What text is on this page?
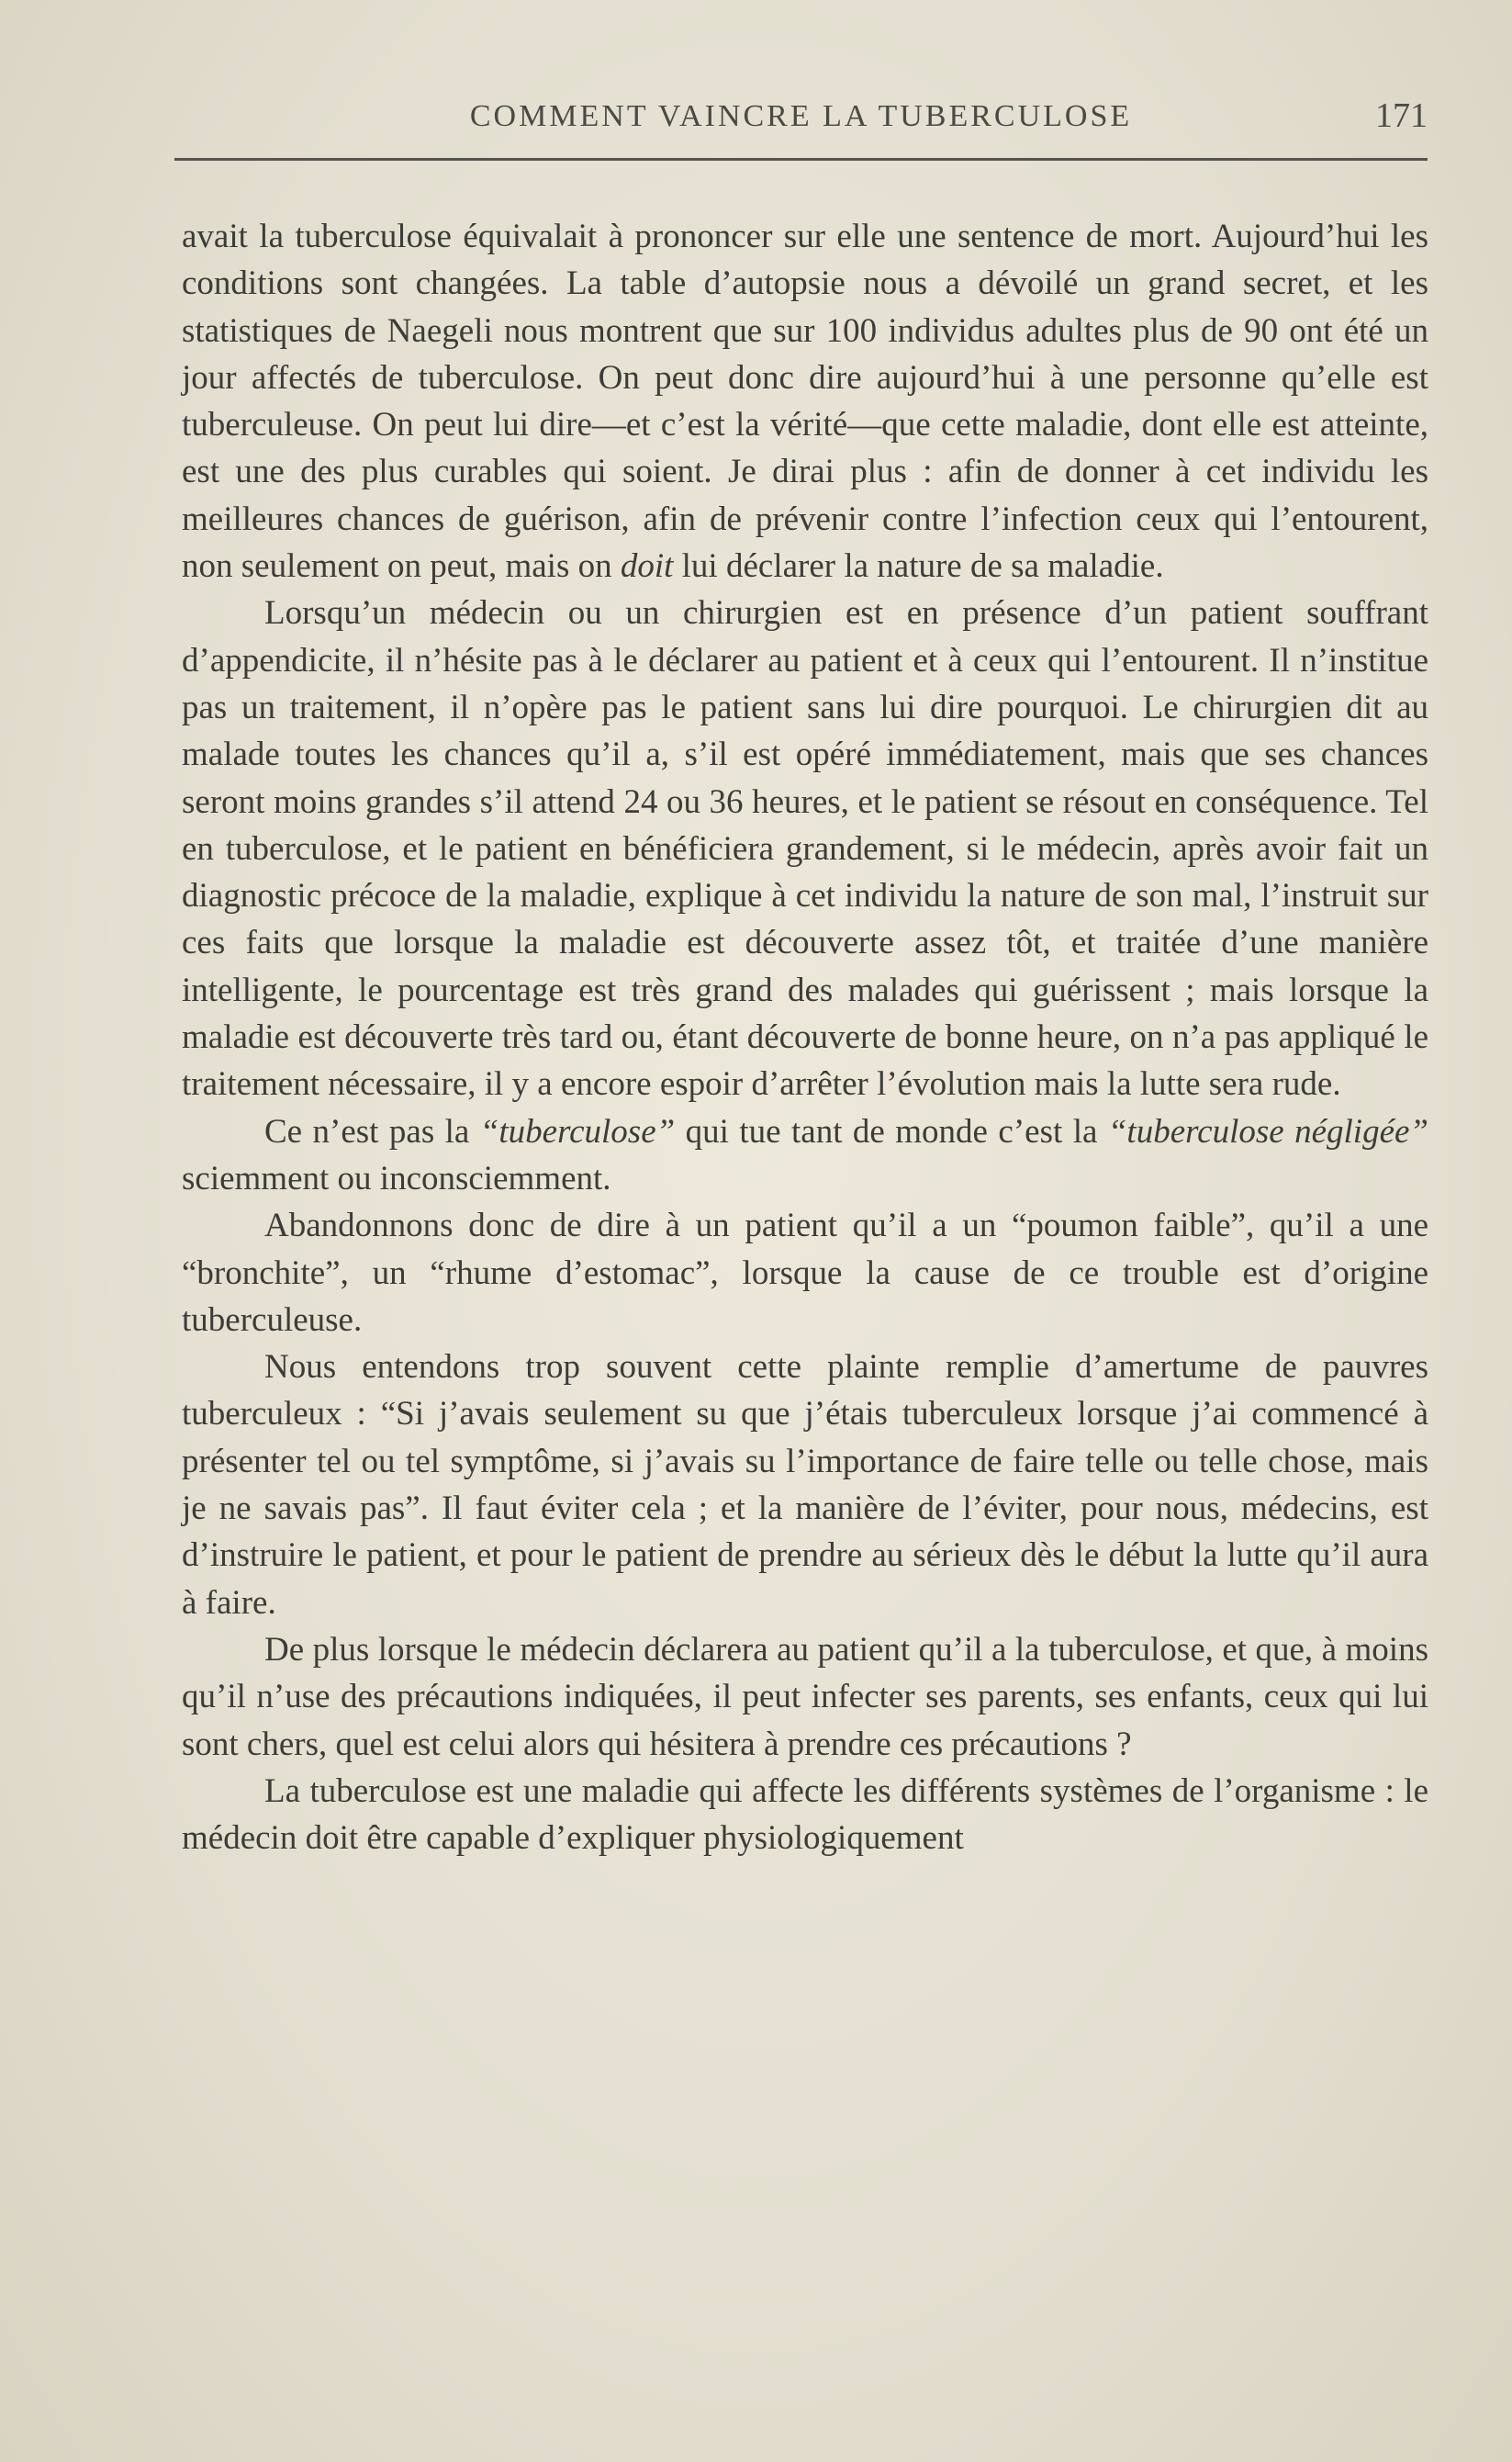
COMMENT VAINCRE LA TUBERCULOSE	171

avait la tuberculose équivalait à prononcer sur elle une sentence de mort. Aujourd’hui les conditions sont changées. La table d’autopsie nous a dévoilé un grand secret, et les statistiques de Naegeli nous montrent que sur 100 individus adultes plus de 90 ont été un jour affectés de tuberculose. On peut donc dire aujourd’hui à une personne qu’elle est tuberculeuse. On peut lui dire—et c’est la vérité—que cette maladie, dont elle est atteinte, est une des plus curables qui soient. Je dirai plus : afin de donner à cet individu les meilleures chances de guérison, afin de prévenir contre l’infection ceux qui l’entourent, non seulement on peut, mais on doit lui déclarer la nature de sa maladie.

Lorsqu’un médecin ou un chirurgien est en présence d’un patient souffrant d’appendicite, il n’hésite pas à le déclarer au patient et à ceux qui l’entourent. Il n’institue pas un traitement, il n’opère pas le patient sans lui dire pourquoi. Le chirurgien dit au malade toutes les chances qu’il a, s’il est opéré immédiatement, mais que ses chances seront moins grandes s’il attend 24 ou 36 heures, et le patient se résout en conséquence. Tel en tuberculose, et le patient en bénéficiera grandement, si le médecin, après avoir fait un diagnostic précoce de la maladie, explique à cet individu la nature de son mal, l’instruit sur ces faits que lorsque la maladie est découverte assez tôt, et traitée d’une manière intelligente, le pourcentage est très grand des malades qui guérissent ; mais lorsque la maladie est découverte très tard ou, étant découverte de bonne heure, on n’a pas appliqué le traitement nécessaire, il y a encore espoir d’arrêter l’évolution mais la lutte sera rude.

Ce n’est pas la “tuberculose” qui tue tant de monde c’est la “tuberculose négligée” sciemment ou inconsciemment.

Abandonnons donc de dire à un patient qu’il a un “poumon faible”, qu’il a une “bronchite”, un “rhume d’estomac”, lorsque la cause de ce trouble est d’origine tuberculeuse.

Nous entendons trop souvent cette plainte remplie d’amertume de pauvres tuberculeux : “Si j’avais seulement su que j’étais tuberculeux lorsque j’ai commencé à présenter tel ou tel symptôme, si j’avais su l’importance de faire telle ou telle chose, mais je ne savais pas”. Il faut éviter cela ; et la manière de l’éviter, pour nous, médecins, est d’instruire le patient, et pour le patient de prendre au sérieux dès le début la lutte qu’il aura à faire.

De plus lorsque le médecin déclarera au patient qu’il a la tuberculose, et que, à moins qu’il n’use des précautions indiquées, il peut infecter ses parents, ses enfants, ceux qui lui sont chers, quel est celui alors qui hésitera à prendre ces précautions ?

La tuberculose est une maladie qui affecte les différents systèmes de l’organisme : le médecin doit être capable d’expliquer physiologiquement
